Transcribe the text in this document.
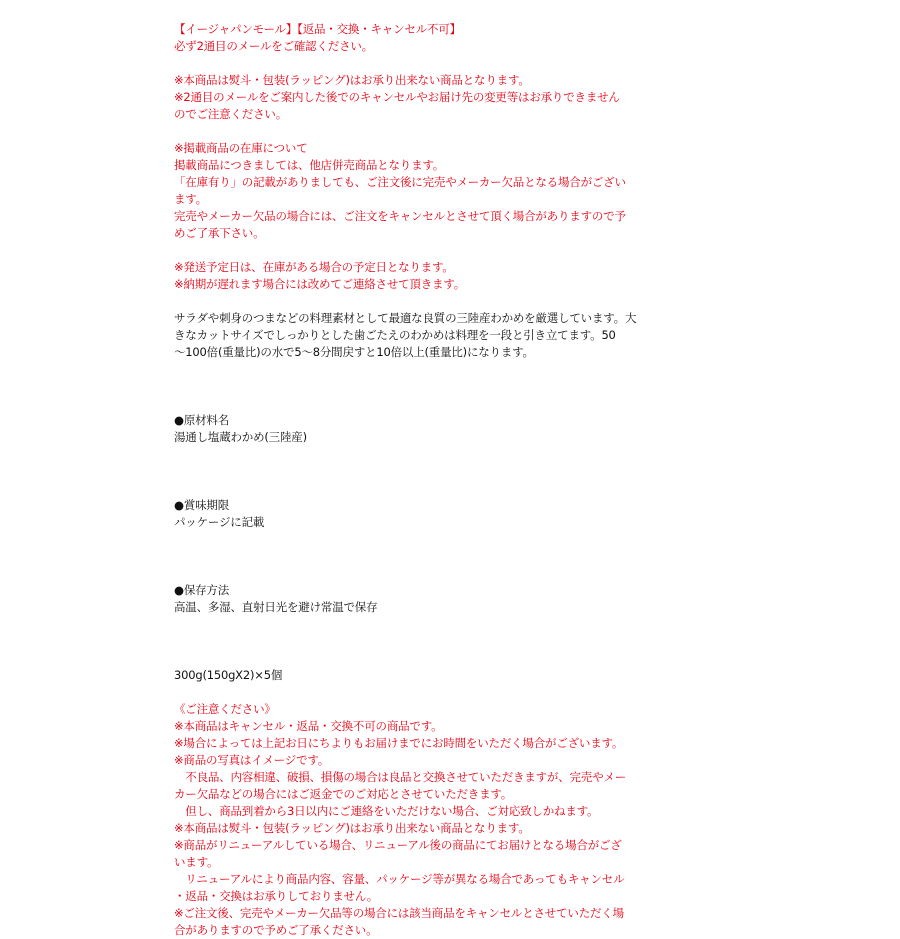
【イージャパンモール】【返品・交換・キャンセル不可】
必ず2通目のメールをご確認ください。
※本商品は熨斗・包装(ラッピング)はお承り出来ない商品となります。
※2通目のメールをご案内した後でのキャンセルやお届け先の変更等はお承りできません
のでご注意ください。
※掲載商品の在庫について
掲載商品につきましては、他店併売商品となります。
「在庫有り」の記載がありましても、ご注文後に完売やメーカー欠品となる場合がござい
ます。
完売やメーカー欠品の場合には、ご注文をキャンセルとさせて頂く場合がありますので予
めご了承下さい。
※発送予定日は、在庫がある場合の予定日となります。
※納期が遅れます場合には改めてご連絡させて頂きます。
サラダや刺身のつまなどの料理素材として最適な良質の三陸産わかめを厳選しています。大
きなカットサイズでしっかりとした歯ごたえのわかめは料理を一段と引き立てます。50
〜100倍(重量比)の水で5〜8分間戻すと10倍以上(重量比)になります。
●原材料名
湯通し塩蔵わかめ(三陸産)
●賞味期限
パッケージに記載
●保存方法
高温、多湿、直射日光を避け常温で保存
300g(150gX2)×5個
《ご注意ください》
※本商品はキャンセル・返品・交換不可の商品です。
※場合によっては上記お日にちよりもお届けまでにお時間をいただく場合がございます。
※商品の写真はイメージです。
　不良品、内容相違、破損、損傷の場合は良品と交換させていただきますが、完売やメー
カー欠品などの場合にはご返金でのご対応とさせていただきます。
　但し、商品到着から3日以内にご連絡をいただけない場合、ご対応致しかねます。
※本商品は熨斗・包装(ラッピング)はお承り出来ない商品となります。
※商品がリニューアルしている場合、リニューアル後の商品にてお届けとなる場合がござ
います。
　リニューアルにより商品内容、容量、パッケージ等が異なる場合であってもキャンセル
・返品・交換はお承りしておりません。
※ご注文後、完売やメーカー欠品等の場合には該当商品をキャンセルとさせていただく場
合がありますので予めご了承ください。
